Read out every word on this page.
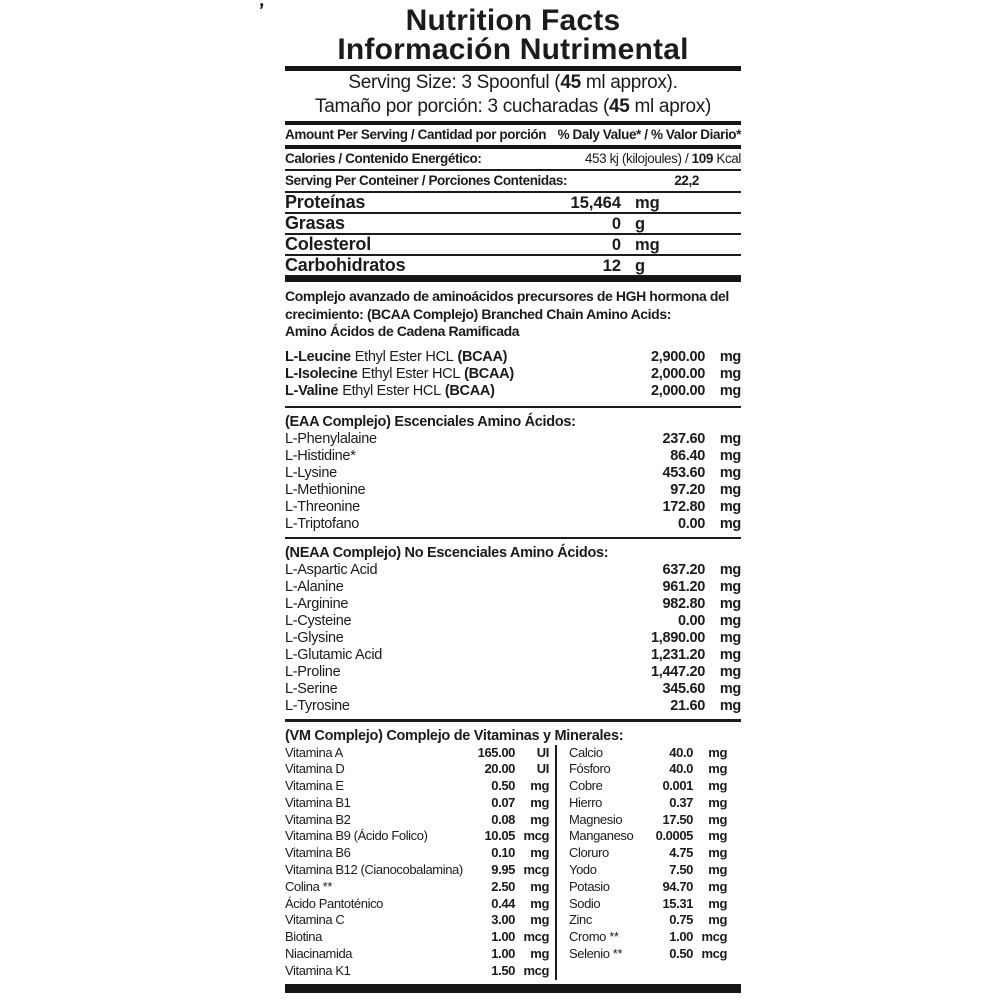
’	Nutrition Facts
Información Nutrimental
Serving Size: 3 Spoonful (45 ml approx).
Tamaño por porción: 3 cucharadas (45 ml aprox)
Amount Per Serving / Cantidad por porción % Daly Value* / % Valor Diario*
Calories / Contenido Energético:	453 kj (kilojoules) / 109 Kcal
Serving Per Conteiner / Porciones Contenidas:	22,2
Proteínas	15,464 mg
Grasas	0 g
Colesterol	0 mg
Carbohidratos	12 g
Complejo avanzado de aminoácidos precursores de HGH hormona del
crecimiento: (BCAA Complejo) Branched Chain Amino Acids:
Amino Ácidos de Cadena Ramificada
L-Leucine Ethyl Ester HCL (BCAA)	2,900.00	mg
L-Isolecine Ethyl Ester HCL (BCAA)	2,000.00	mg
L-Valine Ethyl Ester HCL (BCAA)	2,000.00	mg
(EAA Complejo) Escenciales Amino Ácidos:
L-Phenylalaine	237.60	mg
L-Histidine*	86.40	mg
L-Lysine	453.60	mg
L-Methionine	97.20	mg
L-Threonine	172.80	mg
L-Triptofano	0.00	mg
(NEAA Complejo) No Escenciales Amino Ácidos:
L-Aspartic Acid	637.20	mg
L-Alanine	961.20	mg
L-Arginine	982.80	mg
L-Cysteine	0.00	mg
L-Glysine	1,890.00	mg
L-Glutamic Acid	1,231.20	mg
L-Proline	1,447.20	mg
L-Serine	345.60	mg
L-Tyrosine	21.60	mg
(VM Complejo) Complejo de Vitaminas y Minerales:
Vitamina A	165.00	UI
Vitamina D	20.00	UI
Vitamina E	0.50	mg
Vitamina B1	0.07	mg
Vitamina B2	0.08	mg
Vitamina B9 (Ácido Folico)	10.05 mcg
Vitamina B6	0.10	mg
Vitamina B12 (Cianocobalamina)	9.95 mcg
Colina **	2.50	mg
Ácido Pantoténico	0.44	mg
Vitamina C	3.00	mg
Biotina	1.00 mcg
Niacinamida	1.00	mg
Vitamina K1	1.50 mcg
Calcio	40.0	mg
Fósforo	40.0	mg
Cobre	0.001	mg
Hierro	0.37	mg
Magnesio	17.50	mg
Manganeso	0.0005	mg
Cloruro	4.75	mg
Yodo	7.50	mg
Potasio	94.70	mg
Sodio	15.31	mg
Zinc	0.75	mg
Cromo **	1.00 mcg
Selenio **	0.50 mcg
